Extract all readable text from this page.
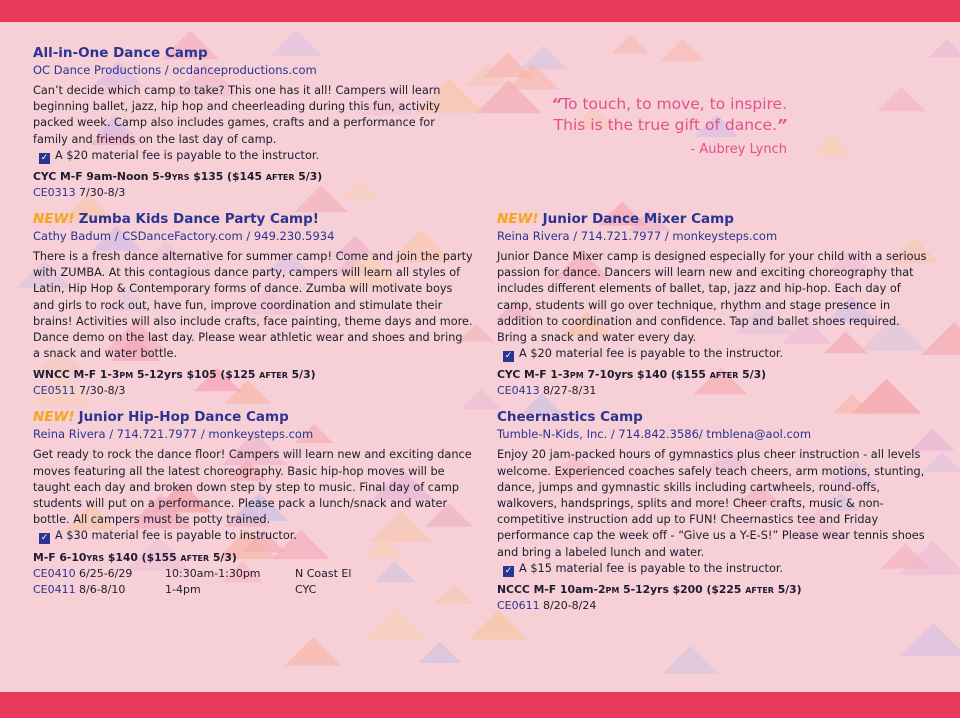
“To touch, to move, to inspire.
This is the true gift of dance.”
- Aubrey Lynch
All-in-One Dance Camp
OC Dance Productions / ocdanceproductions.com

Can’t decide which camp to take? This one has it all! Campers will learn beginning ballet, jazz, hip hop and cheerleading during this fun, activity packed week. Camp also includes games, crafts and a performance for family and friends on the last day of camp.

✓ A $20 material fee is payable to the instructor.
CYC M-F 9am-Noon 5-9yrs $135 ($145 after 5/3)
CE0313 7/30-8/3
NEW! Zumba Kids Dance Party Camp!
Cathy Badum / CSDanceFactory.com / 949.230.5934

There is a fresh dance alternative for summer camp! Come and join the party with ZUMBA. At this contagious dance party, campers will learn all styles of Latin, Hip Hop & Contemporary forms of dance. Zumba will motivate boys and girls to rock out, have fun, improve coordination and stimulate their brains! Activities will also include crafts, face painting, theme days and more. Dance demo on the last day. Please wear athletic wear and shoes and bring a snack and water bottle.

WNCC M-F 1-3pm 5-12yrs $105 ($125 after 5/3)
CE0511 7/30-8/3
NEW! Junior Hip-Hop Dance Camp
Reina Rivera / 714.721.7977 / monkeysteps.com

Get ready to rock the dance floor! Campers will learn new and exciting dance moves featuring all the latest choreography. Basic hip-hop moves will be taught each day and broken down step by step to music. Final day of camp students will put on a performance. Please pack a lunch/snack and water bottle. All campers must be potty trained.

✓ A $30 material fee is payable to instructor.
M-F 6-10yrs $140 ($155 after 5/3)
CE0410 6/25-6/29	10:30am-1:30pm	N Coast El
CE0411 8/6-8/10	1-4pm	CYC
NEW! Junior Dance Mixer Camp
Reina Rivera / 714.721.7977 / monkeysteps.com

Junior Dance Mixer camp is designed especially for your child with a serious passion for dance. Dancers will learn new and exciting choreography that includes different elements of ballet, tap, jazz and hip-hop. Each day of camp, students will go over technique, rhythm and stage presence in addition to coordination and confidence. Tap and ballet shoes required. Bring a snack and water every day.

✓ A $20 material fee is payable to the instructor.
CYC M-F 1-3pm 7-10yrs $140 ($155 after 5/3)
CE0413 8/27-8/31
Cheernastics Camp
Tumble-N-Kids, Inc. / 714.842.3586/ tmblena@aol.com

Enjoy 20 jam-packed hours of gymnastics plus cheer instruction - all levels welcome. Experienced coaches safely teach cheers, arm motions, stunting, dance, jumps and gymnastic skills including cartwheels, round-offs, walkovers, handsprings, splits and more! Cheer crafts, music & non-competitive instruction add up to FUN! Cheernastics tee and Friday performance cap the week off - “Give us a Y-E-S!” Please wear tennis shoes and bring a labeled lunch and water.

✓ A $15 material fee is payable to the instructor.
NCCC M-F 10am-2pm 5-12yrs $200 ($225 after 5/3)
CE0611 8/20-8/24
